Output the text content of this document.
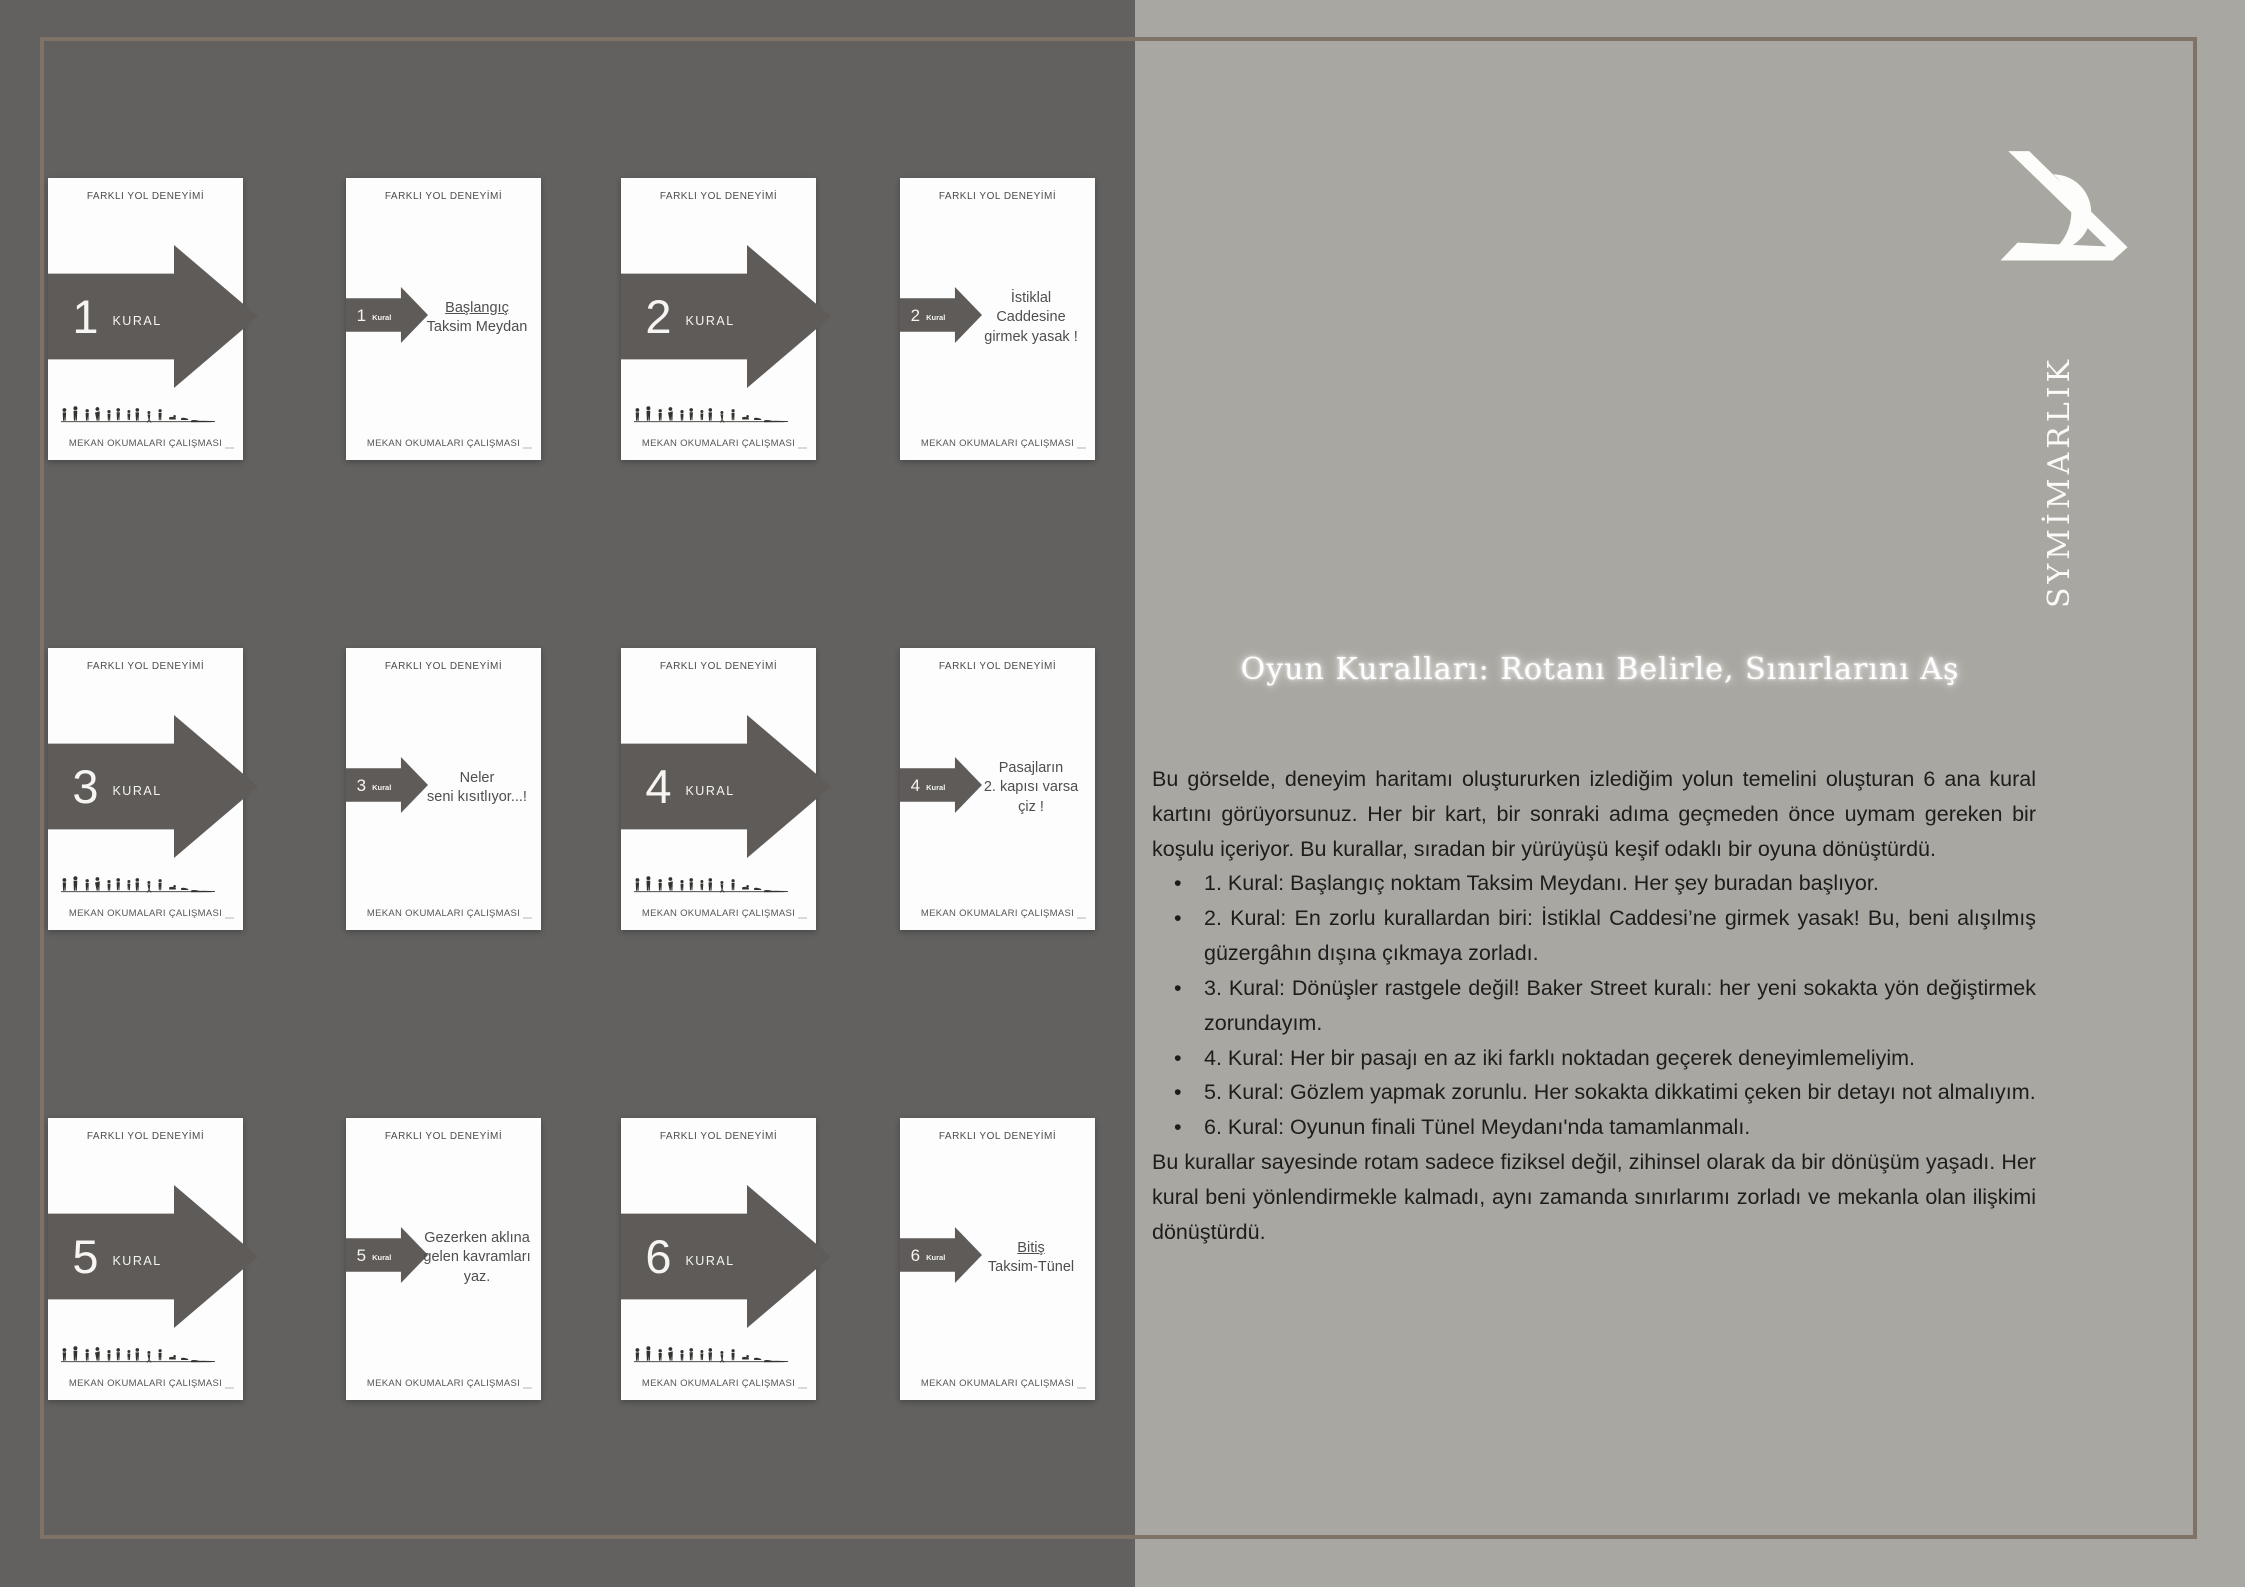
FARKLI YOL DENEYİMİ
1 KURAL
MEKAN OKUMALARI ÇALIŞMASI
FARKLI YOL DENEYİMİ
1 Kural
Başlangıç
Taksim Meydan
MEKAN OKUMALARI ÇALIŞMASI
FARKLI YOL DENEYİMİ
2 KURAL
MEKAN OKUMALARI ÇALIŞMASI
FARKLI YOL DENEYİMİ
2 Kural
İstiklal
Caddesine
girmek yasak !
MEKAN OKUMALARI ÇALIŞMASI
FARKLI YOL DENEYİMİ
3 KURAL
MEKAN OKUMALARI ÇALIŞMASI
FARKLI YOL DENEYİMİ
3 Kural
Neler
seni kısıtlıyor...!
MEKAN OKUMALARI ÇALIŞMASI
FARKLI YOL DENEYİMİ
4 KURAL
MEKAN OKUMALARI ÇALIŞMASI
FARKLI YOL DENEYİMİ
4 Kural
Pasajların
2. kapısı varsa
çiz !
MEKAN OKUMALARI ÇALIŞMASI
FARKLI YOL DENEYİMİ
5 KURAL
MEKAN OKUMALARI ÇALIŞMASI
FARKLI YOL DENEYİMİ
5 Kural
Gezerken aklına
gelen kavramları
yaz.
MEKAN OKUMALARI ÇALIŞMASI
FARKLI YOL DENEYİMİ
6 KURAL
MEKAN OKUMALARI ÇALIŞMASI
FARKLI YOL DENEYİMİ
6 Kural
Bitiş
Taksim-Tünel
MEKAN OKUMALARI ÇALIŞMASI
SYMİMARLIK
Oyun Kuralları: Rotanı Belirle, Sınırlarını Aş

Bu görselde, deneyim haritamı oluştururken izlediğim yolun temelini oluşturan 6 ana kural kartını görüyorsunuz. Her bir kart, bir sonraki adıma geçmeden önce uymam gereken bir koşulu içeriyor. Bu kurallar, sıradan bir yürüyüşü keşif odaklı bir oyuna dönüştürdü.

• 1. Kural: Başlangıç noktam Taksim Meydanı. Her şey buradan başlıyor.
• 2. Kural: En zorlu kurallardan biri: İstiklal Caddesi’ne girmek yasak! Bu, beni alışılmış güzergâhın dışına çıkmaya zorladı.
• 3. Kural: Dönüşler rastgele değil! Baker Street kuralı: her yeni sokakta yön değiştirmek zorundayım.
• 4. Kural: Her bir pasajı en az iki farklı noktadan geçerek deneyimlemeliyim.
• 5. Kural: Gözlem yapmak zorunlu. Her sokakta dikkatimi çeken bir detayı not almalıyım.
• 6. Kural: Oyunun finali Tünel Meydanı'nda tamamlanmalı.

Bu kurallar sayesinde rotam sadece fiziksel değil, zihinsel olarak da bir dönüşüm yaşadı. Her kural beni yönlendirmekle kalmadı, aynı zamanda sınırlarımı zorladı ve mekanla olan ilişkimi dönüştürdü.
